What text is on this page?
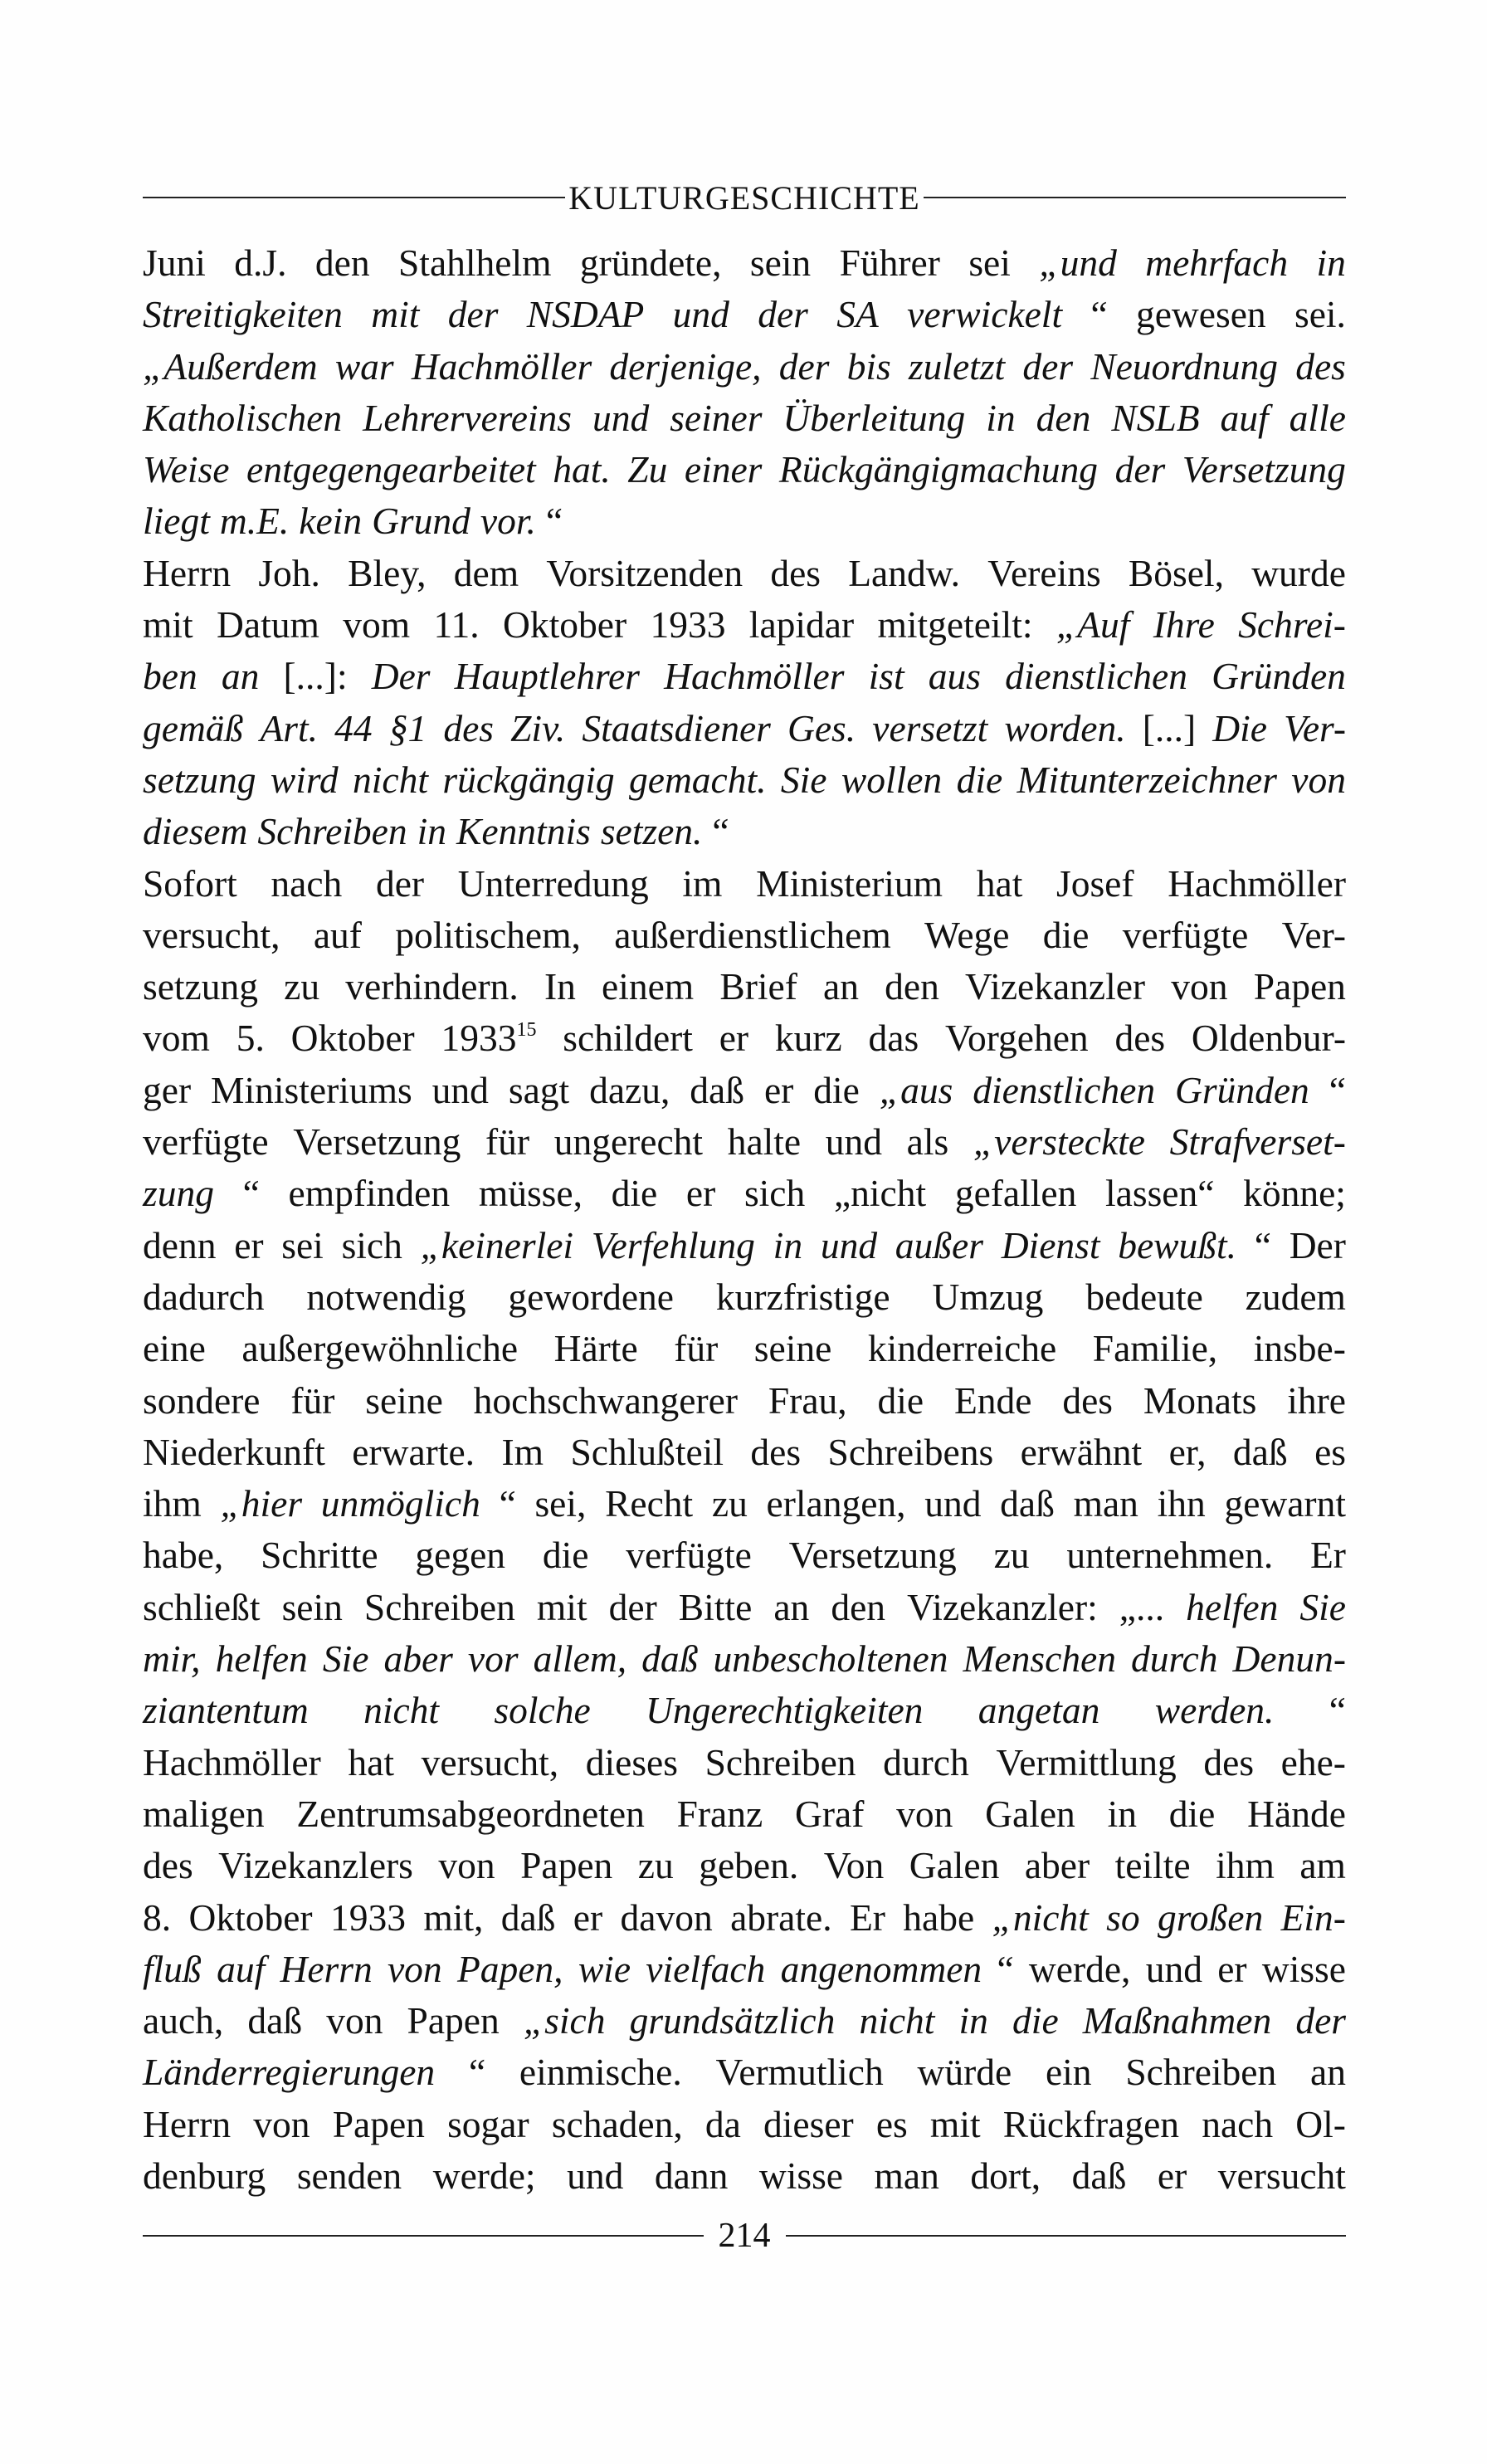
KULTURGESCHICHTE
Juni d.J. den Stahlhelm gründete, sein Führer sei „und mehrfach in
Streitigkeiten mit der NSDAP und der SA verwickelt “ gewesen sei.
„Außerdem war Hachmöller derjenige, der bis zuletzt der Neuordnung des
Katholischen Lehrervereins und seiner Überleitung in den NSLB auf alle
Weise entgegengearbeitet hat. Zu einer Rückgängigmachung der Versetzung
liegt m.E. kein Grund vor. “
Herrn Joh. Bley, dem Vorsitzenden des Landw. Vereins Bösel, wurde
mit Datum vom 11. Oktober 1933 lapidar mitgeteilt: „Auf Ihre Schrei-
ben an [...]: Der Hauptlehrer Hachmöller ist aus dienstlichen Gründen
gemäß Art. 44 §1 des Ziv. Staatsdiener Ges. versetzt worden. [...] Die Ver-
setzung wird nicht rückgängig gemacht. Sie wollen die Mitunterzeichner von
diesem Schreiben in Kenntnis setzen. “
Sofort nach der Unterredung im Ministerium hat Josef Hachmöller
versucht, auf politischem, außerdienstlichem Wege die verfügte Ver-
setzung zu verhindern. In einem Brief an den Vizekanzler von Papen
vom 5. Oktober 1933$^{15}$ schildert er kurz das Vorgehen des Oldenbur-
ger Ministeriums und sagt dazu, daß er die „aus dienstlichen Gründen “
verfügte Versetzung für ungerecht halte und als „versteckte Strafverset-
zung “ empfinden müsse, die er sich „nicht gefallen lassen“ könne;
denn er sei sich „keinerlei Verfehlung in und außer Dienst bewußt. “ Der
dadurch notwendig gewordene kurzfristige Umzug bedeute zudem
eine außergewöhnliche Härte für seine kinderreiche Familie, insbe-
sondere für seine hochschwangerer Frau, die Ende des Monats ihre
Niederkunft erwarte. Im Schlußteil des Schreibens erwähnt er, daß es
ihm „hier unmöglich “ sei, Recht zu erlangen, und daß man ihn gewarnt
habe, Schritte gegen die verfügte Versetzung zu unternehmen. Er
schließt sein Schreiben mit der Bitte an den Vizekanzler: „... helfen Sie
mir, helfen Sie aber vor allem, daß unbescholtenen Menschen durch Denun-
ziantentum nicht solche Ungerechtigkeiten angetan werden. “
Hachmöller hat versucht, dieses Schreiben durch Vermittlung des ehe-
maligen Zentrumsabgeordneten Franz Graf von Galen in die Hände
des Vizekanzlers von Papen zu geben. Von Galen aber teilte ihm am
8. Oktober 1933 mit, daß er davon abrate. Er habe „nicht so großen Ein-
fluß auf Herrn von Papen, wie vielfach angenommen “ werde, und er wisse
auch, daß von Papen „sich grundsätzlich nicht in die Maßnahmen der
Länderregierungen “ einmische. Vermutlich würde ein Schreiben an
Herrn von Papen sogar schaden, da dieser es mit Rückfragen nach Ol-
denburg senden werde; und dann wisse man dort, daß er versucht
214
